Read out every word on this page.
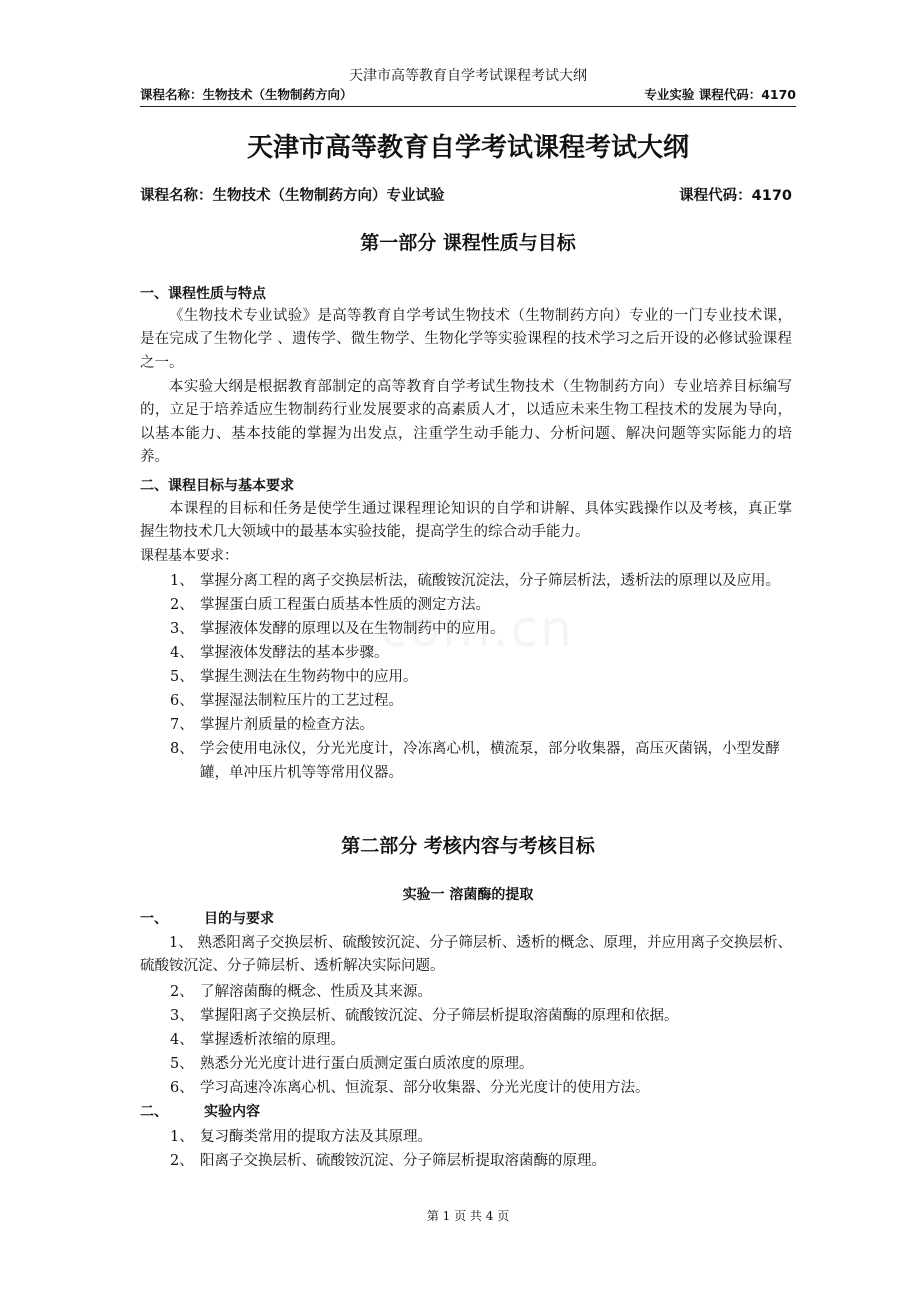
天津市高等教育自学考试课程考试大纲
课程名称：生物技术（生物制药方向）	专业实验 课程代码：4170
天津市高等教育自学考试课程考试大纲
课程名称：生物技术（生物制药方向）专业试验	课程代码：4170
第一部分 课程性质与目标
一、课程性质与特点
《生物技术专业试验》是高等教育自学考试生物技术（生物制药方向）专业的一门专业技术课，是在完成了生物化学 、遗传学、微生物学、生物化学等实验课程的技术学习之后开设的必修试验课程之一。
本实验大纲是根据教育部制定的高等教育自学考试生物技术（生物制药方向）专业培养目标编写的，立足于培养适应生物制药行业发展要求的高素质人才，以适应未来生物工程技术的发展为导向，以基本能力、基本技能的掌握为出发点，注重学生动手能力、分析问题、解决问题等实际能力的培养。
二、课程目标与基本要求
本课程的目标和任务是使学生通过课程理论知识的自学和讲解、具体实践操作以及考核，真正掌握生物技术几大领域中的最基本实验技能，提高学生的综合动手能力。
课程基本要求：
1、 掌握分离工程的离子交换层析法，硫酸铵沉淀法，分子筛层析法，透析法的原理以及应用。
2、 掌握蛋白质工程蛋白质基本性质的测定方法。
3、 掌握液体发酵的原理以及在生物制药中的应用。
4、 掌握液体发酵法的基本步骤。
5、 掌握生测法在生物药物中的应用。
6、 掌握湿法制粒压片的工艺过程。
7、 掌握片剂质量的检查方法。
8、 学会使用电泳仪，分光光度计，冷冻离心机，横流泵，部分收集器，高压灭菌锅，小型发酵罐，单冲压片机等等常用仪器。
第二部分 考核内容与考核目标
实验一 溶菌酶的提取
一、	目的与要求
1、 熟悉阳离子交换层析、硫酸铵沉淀、分子筛层析、透析的概念、原理，并应用离子交换层析、硫酸铵沉淀、分子筛层析、透析解决实际问题。
2、 了解溶菌酶的概念、性质及其来源。
3、 掌握阳离子交换层析、硫酸铵沉淀、分子筛层析提取溶菌酶的原理和依据。
4、 掌握透析浓缩的原理。
5、 熟悉分光光度计进行蛋白质测定蛋白质浓度的原理。
6、 学习高速冷冻离心机、恒流泵、部分收集器、分光光度计的使用方法。
二、	实验内容
1、 复习酶类常用的提取方法及其原理。
2、 阳离子交换层析、硫酸铵沉淀、分子筛层析提取溶菌酶的原理。
第 1 页 共 4 页
